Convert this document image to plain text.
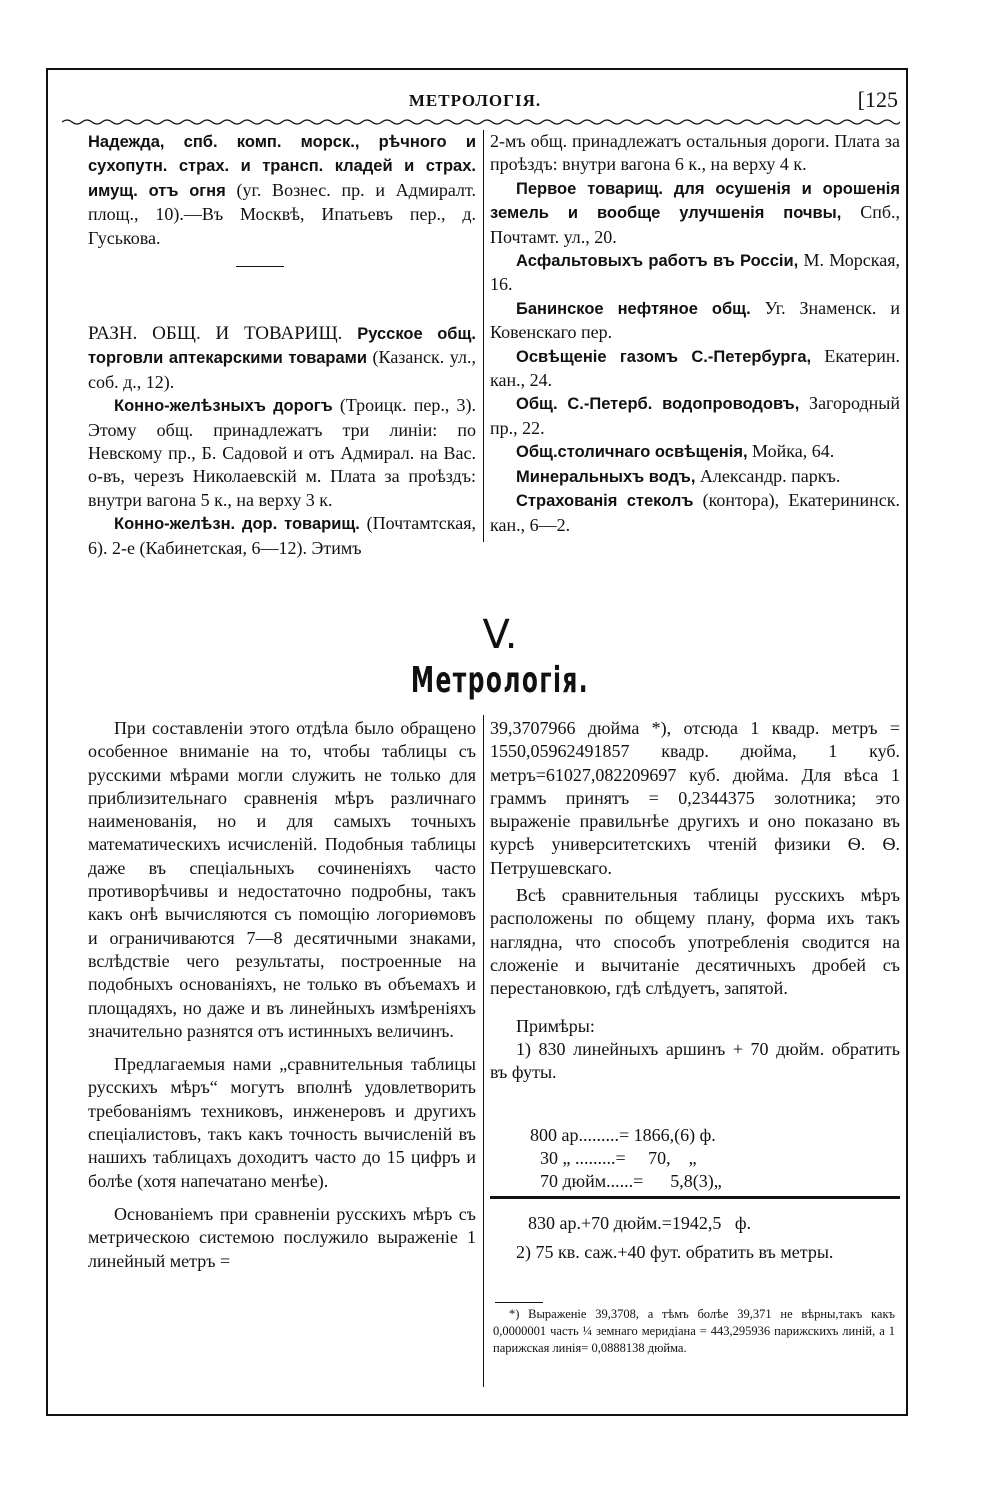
МЕТРОЛОГІЯ.	[125

Надежда, спб. комп. морск., рѣчного и сухопутн. страх. и трансп. кладей и страх. имущ. отъ огня (уг. Вознес. пр. и Адмиралт. площ., 10).—Въ Москвѣ, Ипатьевъ пер., д. Гуськова.

РАЗН. ОБЩ. И ТОВАРИЩ. Русское общ. торговли аптекарскими товарами (Казанск. ул., соб. д., 12).

Конно-желѣзныхъ дорогъ (Троицк. пер., 3). Этому общ. принадлежатъ три линіи: по Невскому пр., Б. Садовой и отъ Адмирал. на Вас. о-въ, черезъ Николаевскій м. Плата за проѣздъ: внутри вагона 5 к., на верху 3 к.

Конно-желѣзн. дор. товарищ. (Почтамтская, 6). 2-е (Кабинетская, 6—12). Этимъ

2-мъ общ. принадлежатъ остальныя дороги. Плата за проѣздъ: внутри вагона 6 к., на верху 4 к.

Первое товарищ. для осушенія и орошенія земель и вообще улучшенія почвы, Спб., Почтамт. ул., 20.

Асфальтовыхъ работъ въ Россіи, М. Морская, 16.

Банинское нефтяное общ. Уг. Знаменск. и Ковенскаго пер.

Освѣщеніе газомъ С.-Петербурга, Екатерин. кан., 24.

Общ. С.-Петерб. водопроводовъ, Загородный пр., 22.

Общ.столичнаго освѣщенія, Мойка, 64.

Минеральныхъ водъ, Александр. паркъ.

Страхованія стеколъ (контора), Екатерининск. кан., 6—2.

V.
Метрологія.

При составленіи этого отдѣла было обращено особенное вниманіе на то, чтобы таблицы съ русскими мѣрами могли служить не только для приблизительнаго сравненія мѣръ различнаго наименованія, но и для самыхъ точныхъ математическихъ исчисленій. Подобныя таблицы даже въ спеціальныхъ сочиненіяхъ часто противорѣчивы и недостаточно подробны, такъ какъ онѣ вычисляются съ помощію логориѳмовъ и ограничиваются 7—8 десятичными знаками, вслѣдствіе чего результаты, построенные на подобныхъ основаніяхъ, не только въ объемахъ и площадяхъ, но даже и въ линейныхъ измѣреніяхъ значительно разнятся отъ истинныхъ величинъ.

Предлагаемыя нами „сравнительныя таблицы русскихъ мѣръ“ могутъ вполнѣ удовлетворить требованіямъ техниковъ, инженеровъ и другихъ спеціалистовъ, такъ какъ точность вычисленій въ нашихъ таблицахъ доходитъ часто до 15 цифръ и болѣе (хотя напечатано менѣе).

Основаніемъ при сравненіи русскихъ мѣръ съ метрическою системою послужило выраженіе 1 линейный метръ =

39,3707966 дюйма *), отсюда 1 квадр. метръ = 1550,05962491857 квадр. дюйма, 1 куб. метръ=61027,082209697 куб. дюйма. Для вѣса 1 граммъ принятъ = 0,2344375 золотника; это выраженіе правильнѣе другихъ и оно показано въ курсѣ университетскихъ чтеній физики Ѳ. Ѳ. Петрушевскаго.

Всѣ сравнительныя таблицы русскихъ мѣръ расположены по общему плану, форма ихъ такъ наглядна, что способъ употребленія сводится на сложеніе и вычитаніе десятичныхъ дробей съ перестановкою, гдѣ слѣдуетъ, запятой.

Примѣры:

1) 830 линейныхъ аршинъ + 70 дюйм. обратить въ футы.

800 ар.........= 1866,(6) ф.
30 „ .........=     70,    „
70 дюйм......=      5,8(3)„
830 ар.+70 дюйм.=1942,5   ф.

2) 75 кв. саж.+40 фут. обратить въ метры.

*) Выраженіе 39,3708, а тѣмъ болѣе 39,371 не вѣрны,такъ какъ 0,0000001 часть ¼ земнаго меридіана = 443,295936 парижскихъ линій, а 1 парижская линія= 0,0888138 дюйма.
